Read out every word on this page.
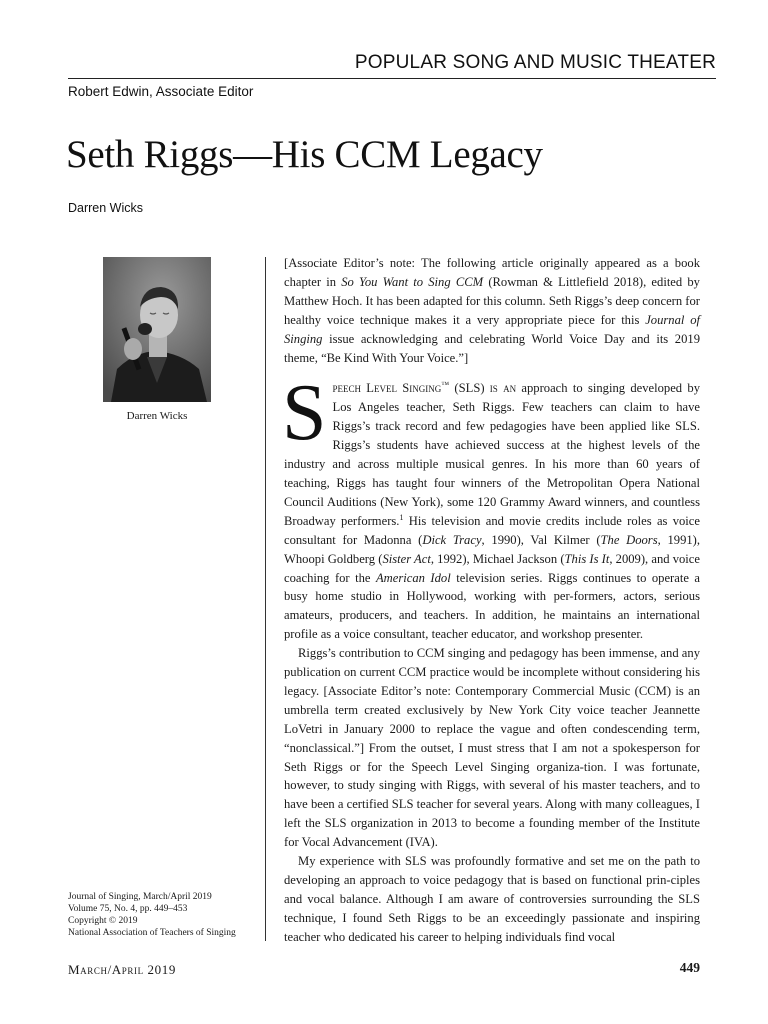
POPULAR SONG AND MUSIC THEATER
Robert Edwin, Associate Editor
Seth Riggs—His CCM Legacy
Darren Wicks
Darren Wicks

[Associate Editor’s note: The following article originally appeared as a book chapter in So You Want to Sing CCM (Rowman & Littlefield 2018), edited by Matthew Hoch. It has been adapted for this column. Seth Riggs’s deep concern for healthy voice technique makes it a very appropriate piece for this Journal of Singing issue acknowledging and celebrating World Voice Day and its 2019 theme, “Be Kind With Your Voice.”]

Speech Level Singing™ (SLS) is an approach to singing developed by Los Angeles teacher, Seth Riggs. Few teachers can claim to have Riggs’s track record and few pedagogies have been applied like SLS. Riggs’s students have achieved success at the highest levels of the industry and across multiple musical genres. In his more than 60 years of teaching, Riggs has taught four winners of the Metropolitan Opera National Council Auditions (New York), some 120 Grammy Award winners, and countless Broadway performers.$^1$ His television and movie credits include roles as voice consultant for Madonna (Dick Tracy, 1990), Val Kilmer (The Doors, 1991), Whoopi Goldberg (Sister Act, 1992), Michael Jackson (This Is It, 2009), and voice coaching for the American Idol television series. Riggs continues to operate a busy home studio in Hollywood, working with per-formers, actors, serious amateurs, producers, and teachers. In addition, he maintains an international profile as a voice consultant, teacher educator, and workshop presenter.

Riggs’s contribution to CCM singing and pedagogy has been immense, and any publication on current CCM practice would be incomplete without considering his legacy. [Associate Editor’s note: Contemporary Commercial Music (CCM) is an umbrella term created exclusively by New York City voice teacher Jeannette LoVetri in January 2000 to replace the vague and often condescending term, “nonclassical.”] From the outset, I must stress that I am not a spokesperson for Seth Riggs or for the Speech Level Singing organiza-tion. I was fortunate, however, to study singing with Riggs, with several of his master teachers, and to have been a certified SLS teacher for several years. Along with many colleagues, I left the SLS organization in 2013 to become a founding member of the Institute for Vocal Advancement (IVA).

My experience with SLS was profoundly formative and set me on the path to developing an approach to voice pedagogy that is based on functional prin-ciples and vocal balance. Although I am aware of controversies surrounding the SLS technique, I found Seth Riggs to be an exceedingly passionate and inspiring teacher who dedicated his career to helping individuals find vocal

Journal of Singing, March/April 2019
Volume 75, No. 4, pp. 449–453
Copyright © 2019
National Association of Teachers of Singing
March/April 2019	449
